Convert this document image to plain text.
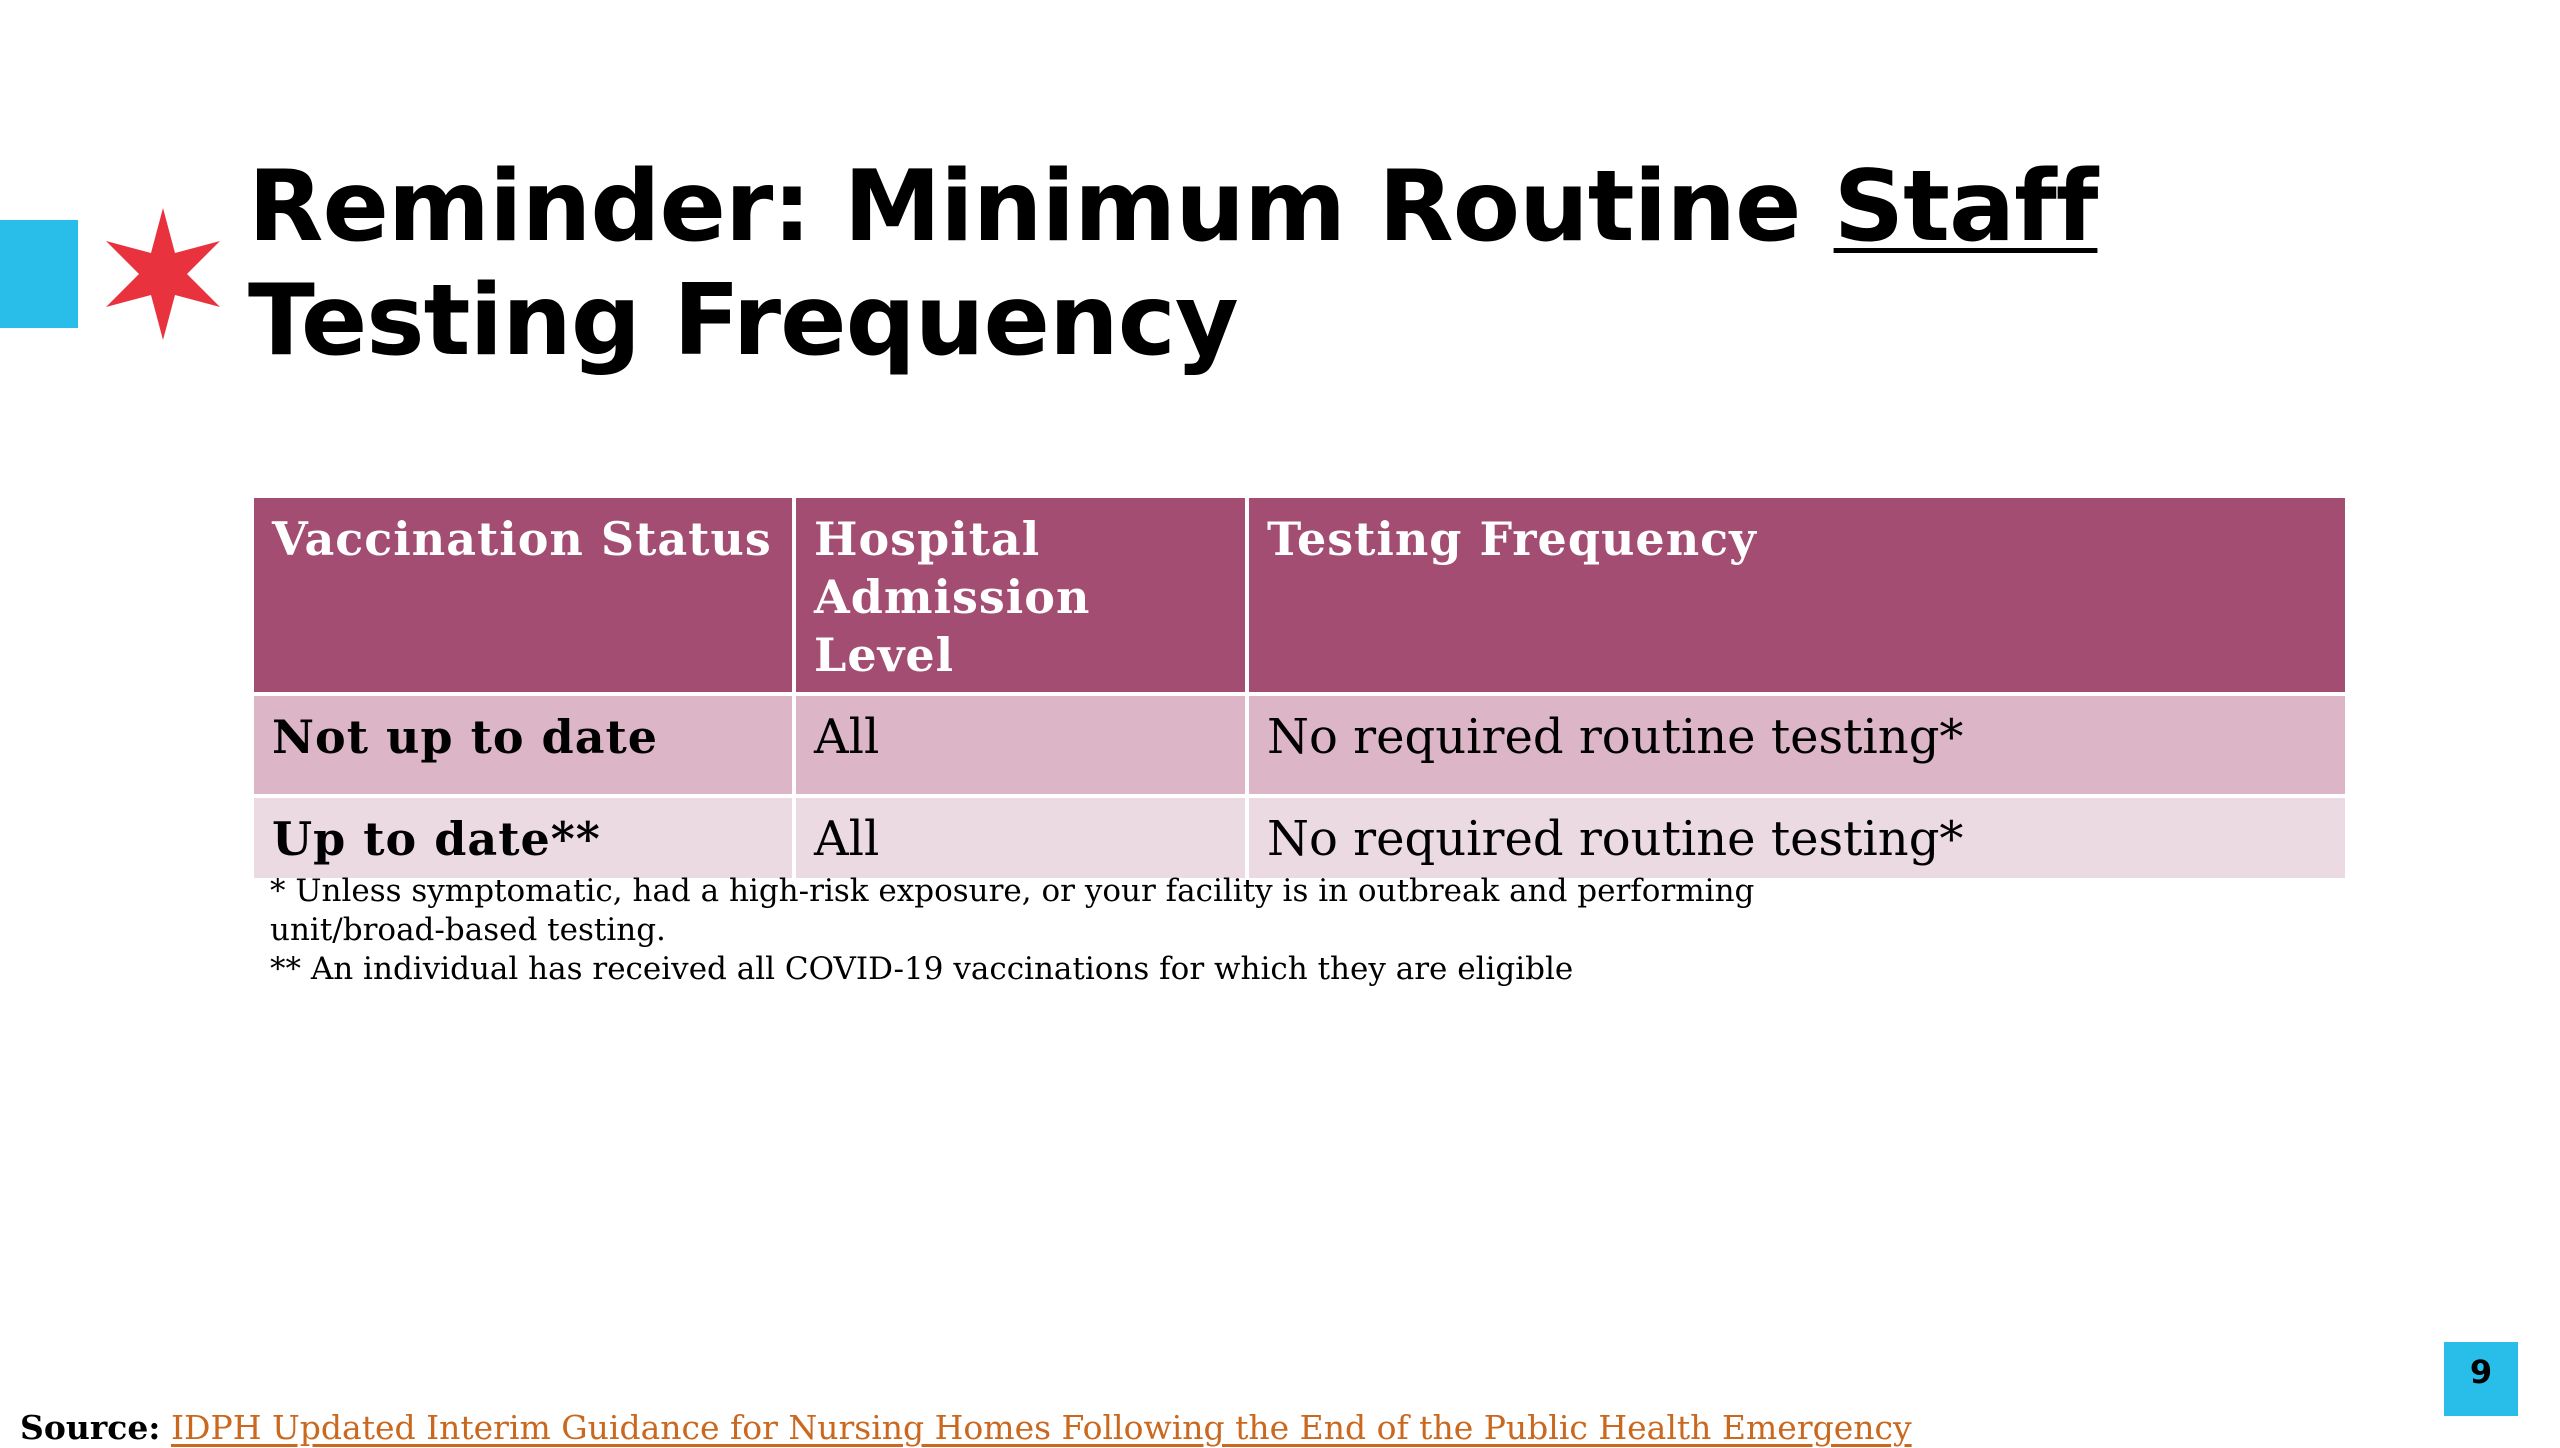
Reminder: Minimum Routine Staff Testing Frequency
Vaccination Status	Hospital Admission Level	Testing Frequency
Not up to date	All	No required routine testing*
Up to date**	All	No required routine testing*
* Unless symptomatic, had a high-risk exposure, or your facility is in outbreak and performing unit/broad-based testing.
** An individual has received all COVID-19 vaccinations for which they are eligible
9
Source: IDPH Updated Interim Guidance for Nursing Homes Following the End of the Public Health Emergency
